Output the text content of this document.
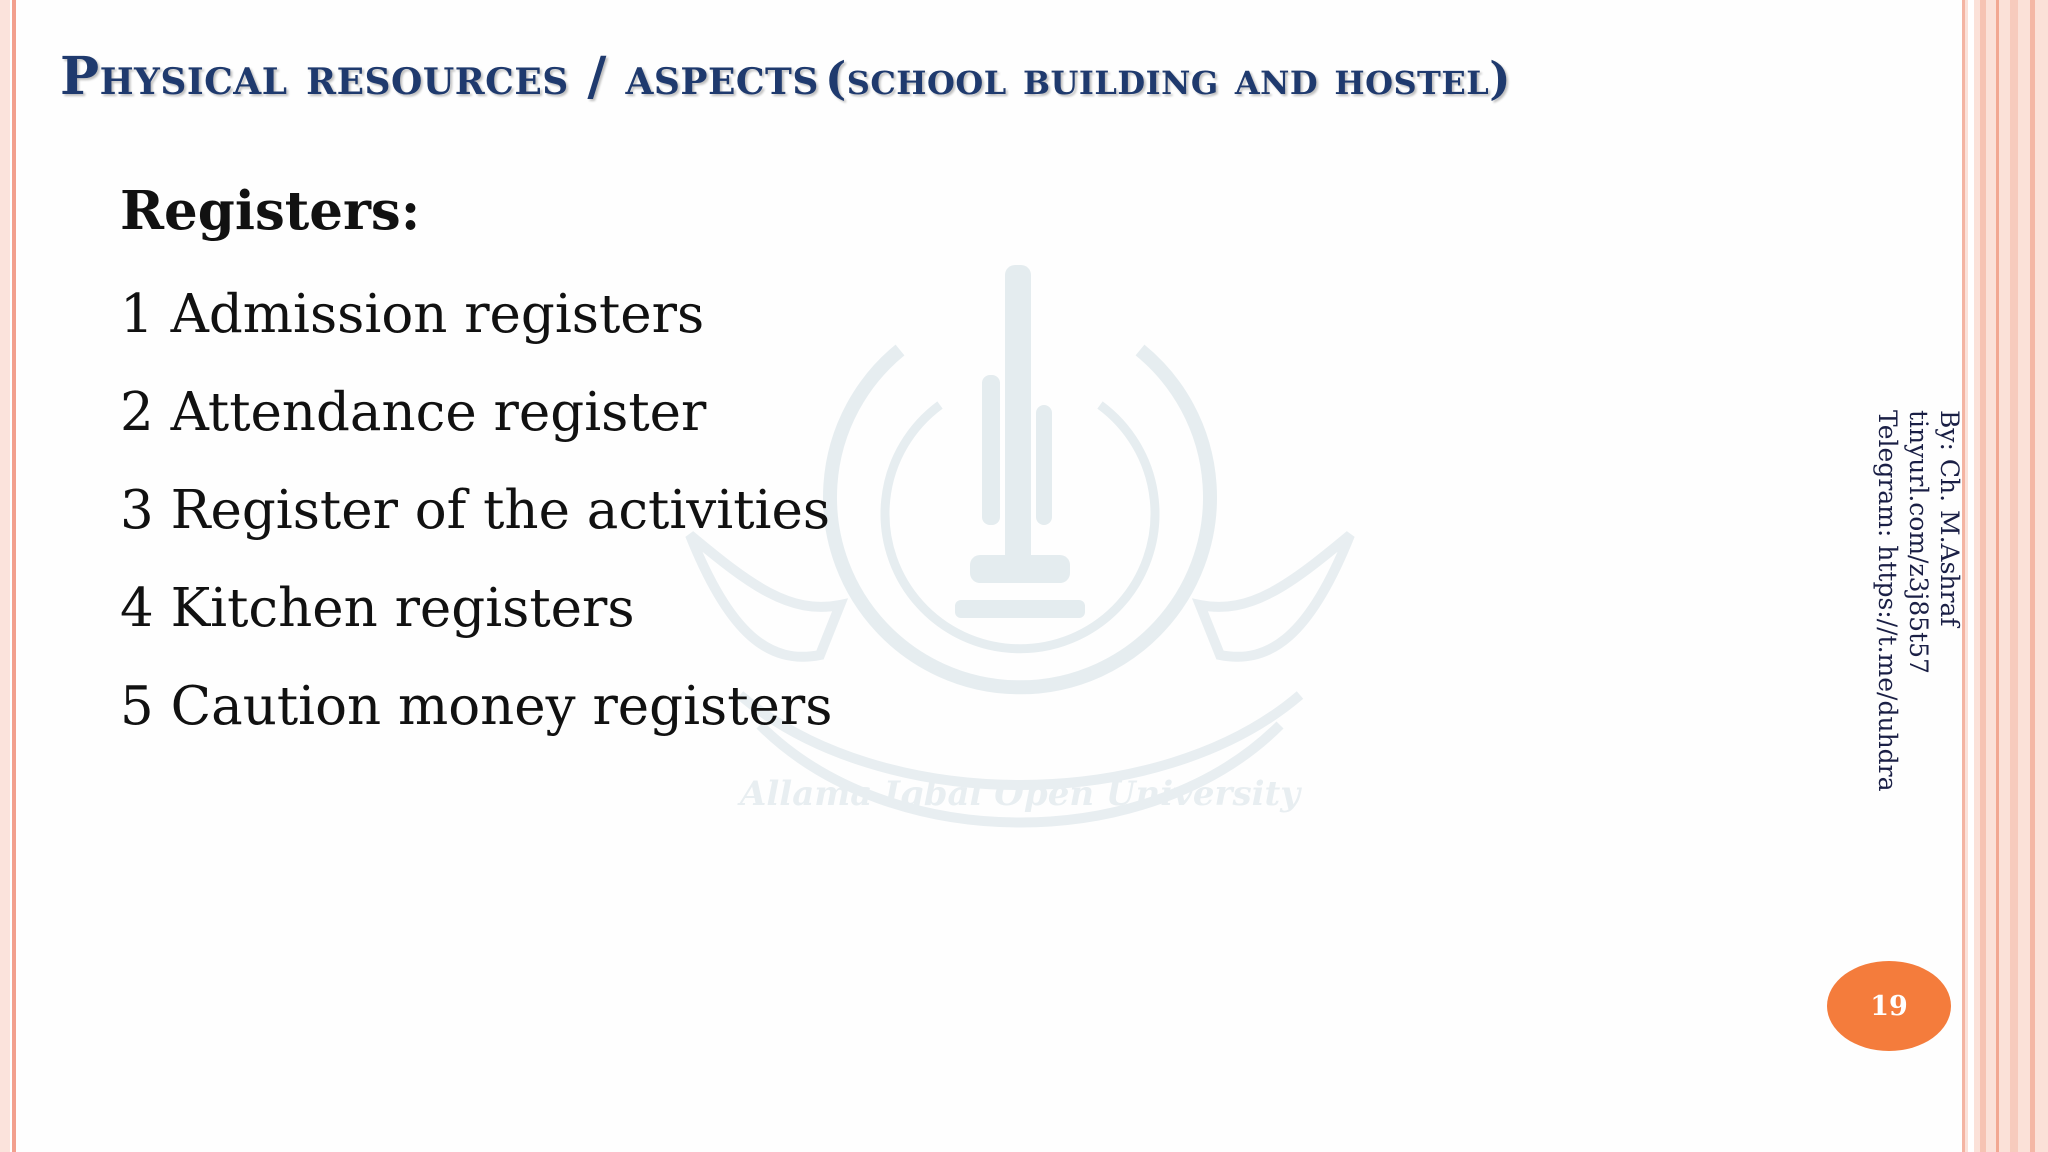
Allama Iqbal Open University
Physical resources / aspects (school building and hostel)
Registers:
1 Admission registers
2 Attendance register
3 Register of the activities
4 Kitchen registers
5 Caution money registers
By: Ch. M.Ashraf
tinyurl.com/z3j85t57
Telegram: https://t.me/duhdra
19
